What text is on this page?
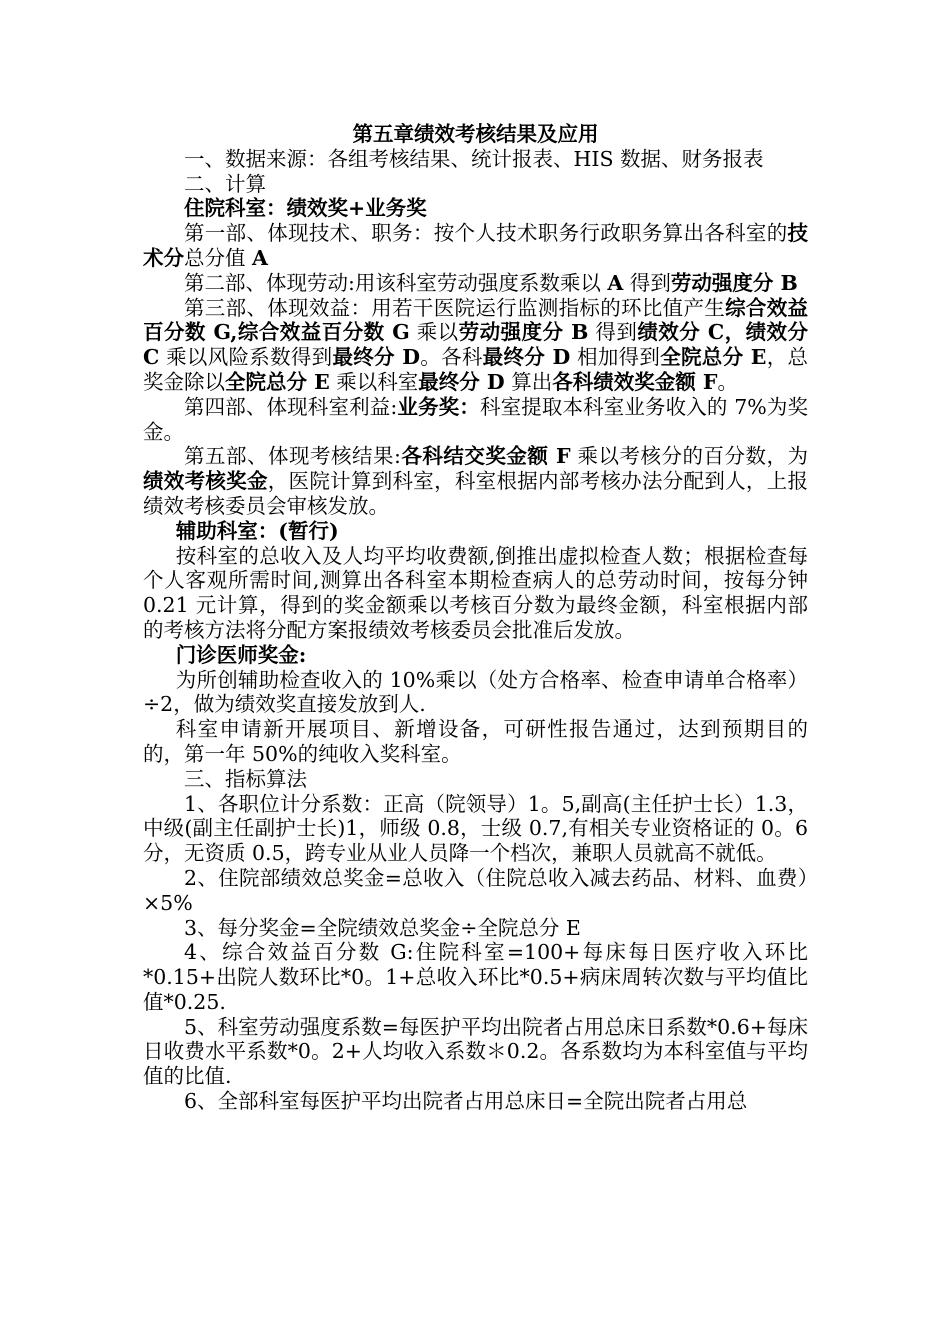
第五章绩效考核结果及应用

一、数据来源：各组考核结果、统计报表、HIS 数据、财务报表

二、计算

住院科室：绩效奖+业务奖

第一部、体现技术、职务：按个人技术职务行政职务算出各科室的技术分总分值 A

第二部、体现劳动:用该科室劳动强度系数乘以 A 得到劳动强度分 B

第三部、体现效益：用若干医院运行监测指标的环比值产生综合效益百分数 G,综合效益百分数 G 乘以劳动强度分 B 得到绩效分 C，绩效分 C 乘以风险系数得到最终分 D。各科最终分 D 相加得到全院总分 E，总奖金除以全院总分 E 乘以科室最终分 D 算出各科绩效奖金额 F。

第四部、体现科室利益:业务奖：科室提取本科室业务收入的 7%为奖金。

第五部、体现考核结果:各科结交奖金额 F 乘以考核分的百分数，为绩效考核奖金，医院计算到科室，科室根据内部考核办法分配到人，上报绩效考核委员会审核发放。

辅助科室：(暂行)

按科室的总收入及人均平均收费额,倒推出虚拟检查人数；根据检查每个人客观所需时间,测算出各科室本期检查病人的总劳动时间，按每分钟 0.21 元计算，得到的奖金额乘以考核百分数为最终金额，科室根据内部的考核方法将分配方案报绩效考核委员会批准后发放。

门诊医师奖金:

为所创辅助检查收入的 10%乘以（处方合格率、检查申请单合格率）÷2，做为绩效奖直接发放到人.

科室申请新开展项目、新增设备，可研性报告通过，达到预期目的的，第一年 50%的纯收入奖科室。

三、指标算法

1、各职位计分系数：正高（院领导）1。5,副高(主任护士长）1.3，中级(副主任副护士长)1，师级 0.8，士级 0.7,有相关专业资格证的 0。6 分，无资质 0.5，跨专业从业人员降一个档次，兼职人员就高不就低。

2、住院部绩效总奖金=总收入（住院总收入减去药品、材料、血费）×5%

3、每分奖金=全院绩效总奖金÷全院总分 E

4、综合效益百分数 G:住院科室=100+每床每日医疗收入环比*0.15+出院人数环比*0。1+总收入环比*0.5+病床周转次数与平均值比值*0.25.

5、科室劳动强度系数=每医护平均出院者占用总床日系数*0.6+每床日收费水平系数*0。2+人均收入系数＊0.2。各系数均为本科室值与平均值的比值.

6、全部科室每医护平均出院者占用总床日=全院出院者占用总
